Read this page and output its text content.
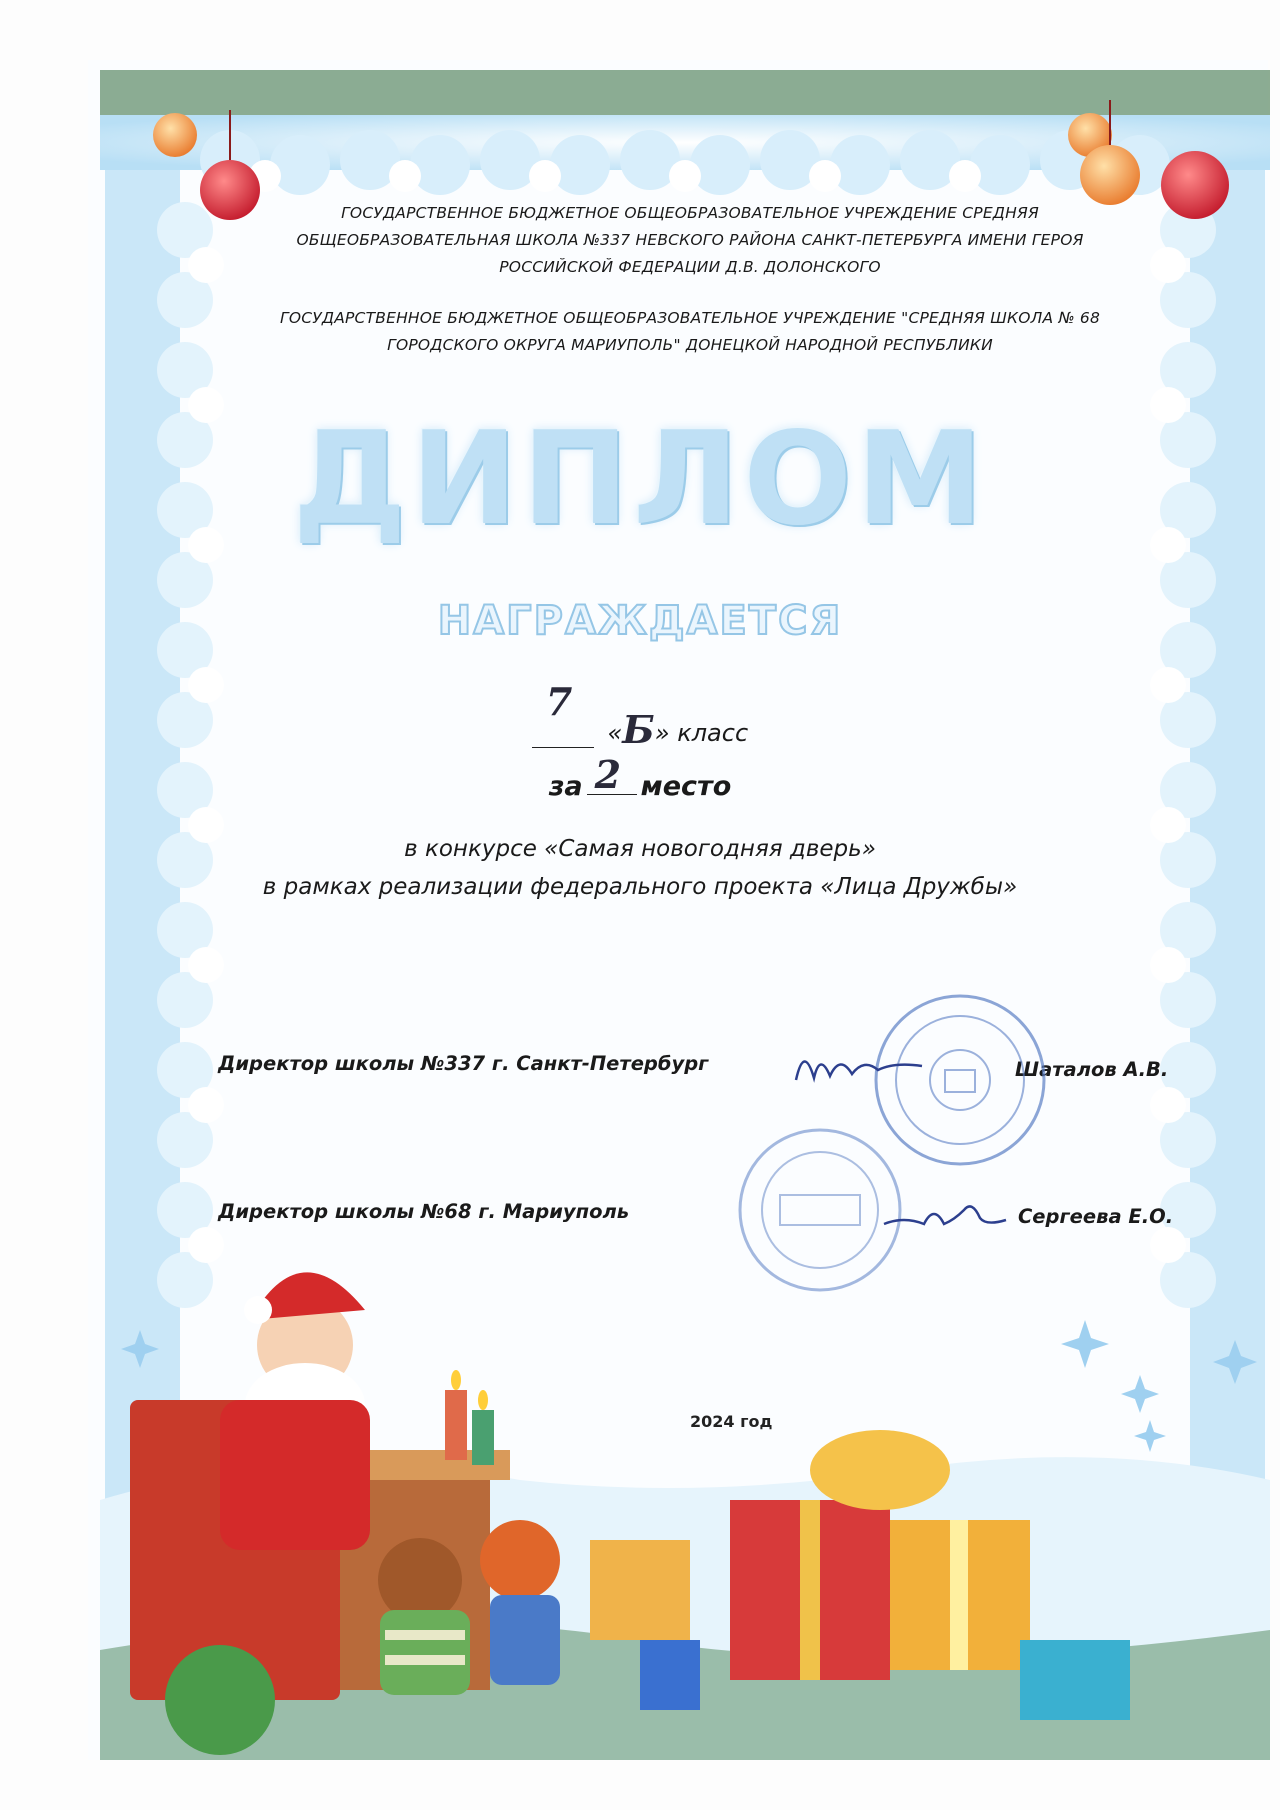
ГОСУДАРСТВЕННОЕ БЮДЖЕТНОЕ ОБЩЕОБРАЗОВАТЕЛЬНОЕ УЧРЕЖДЕНИЕ СРЕДНЯЯ ОБЩЕОБРАЗОВАТЕЛЬНАЯ ШКОЛА №337 НЕВСКОГО РАЙОНА САНКТ-ПЕТЕРБУРГА ИМЕНИ ГЕРОЯ РОССИЙСКОЙ ФЕДЕРАЦИИ Д.В. ДОЛОНСКОГО
ГОСУДАРСТВЕННОЕ БЮДЖЕТНОЕ ОБЩЕОБРАЗОВАТЕЛЬНОЕ УЧРЕЖДЕНИЕ "СРЕДНЯЯ ШКОЛА № 68 ГОРОДСКОГО ОКРУГА МАРИУПОЛЬ" ДОНЕЦКОЙ НАРОДНОЙ РЕСПУБЛИКИ
ДИПЛОМ
НАГРАЖДАЕТСЯ
7
«Б» класс
за 2 место
в конкурсе «Самая новогодняя дверь»
в рамках реализации федерального проекта «Лица Дружбы»
Директор школы №337 г. Санкт-Петербург	Шаталов А.В.
Директор школы №68 г. Мариуполь	Сергеева Е.О.
2024 год
